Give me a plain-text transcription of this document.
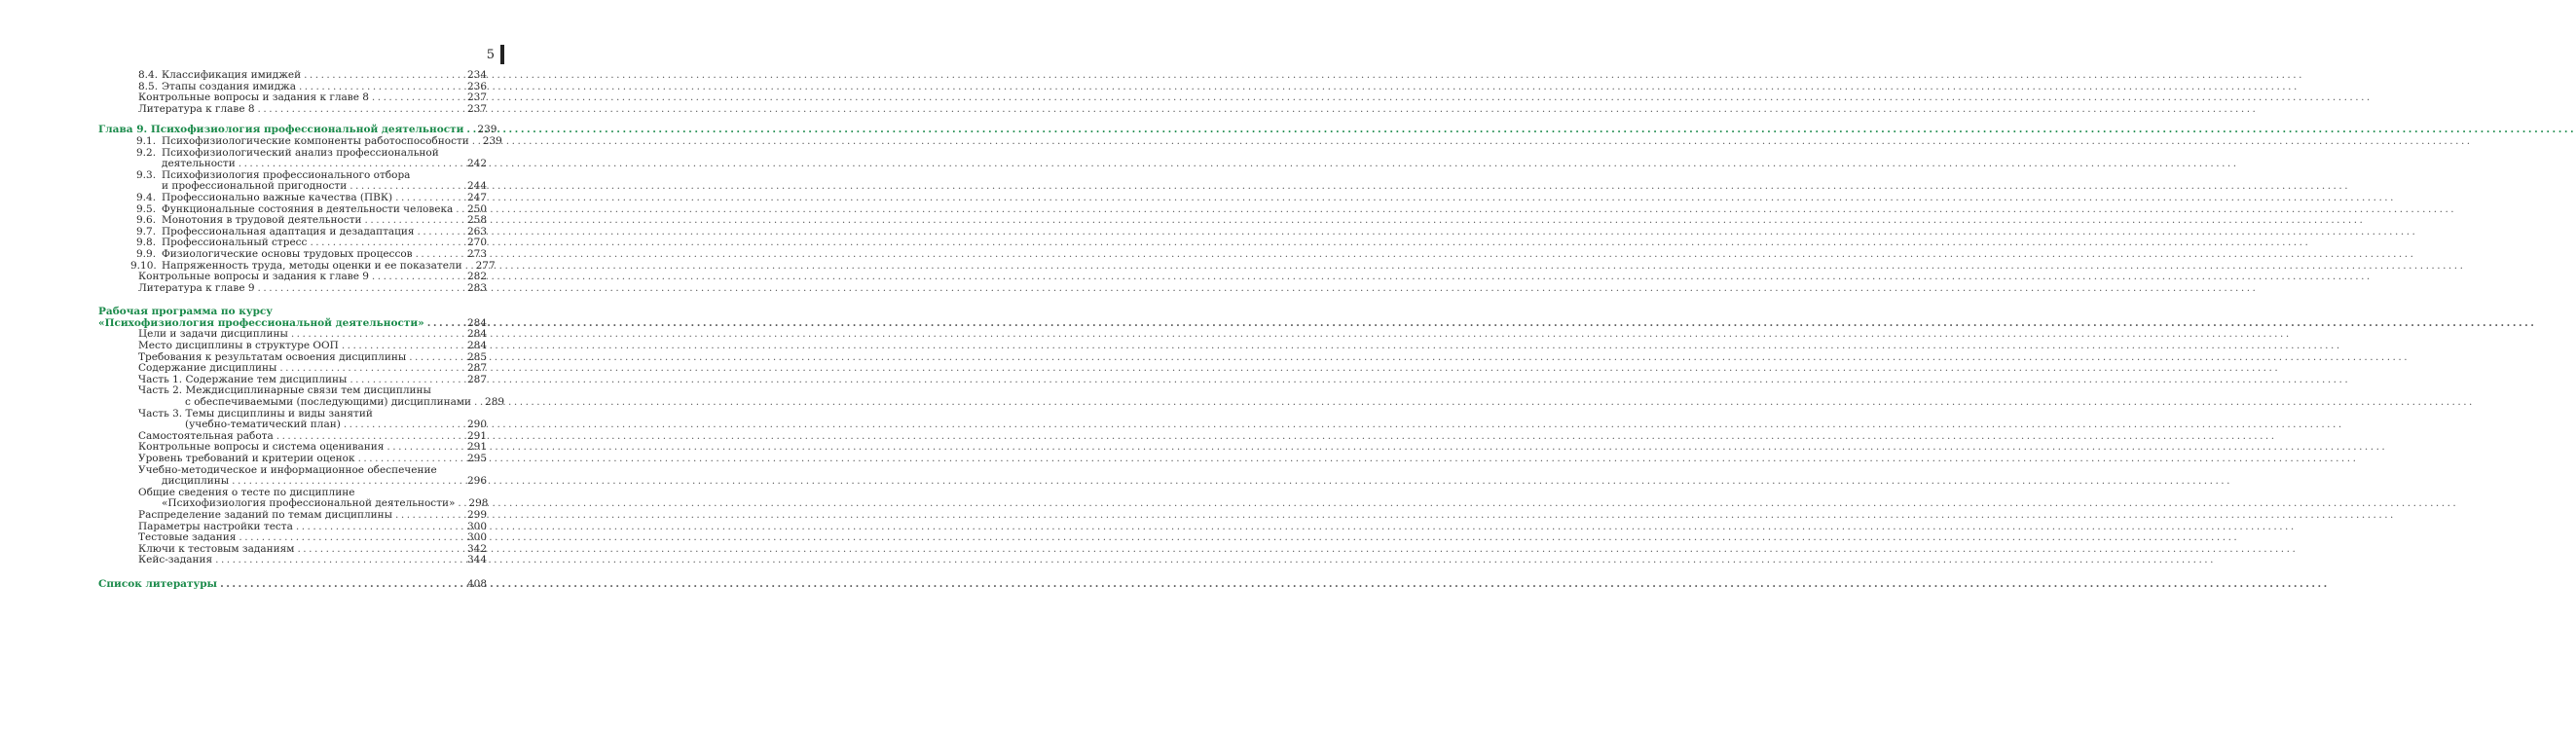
5
8.4. Классификация имиджей .....	234
8.5. Этапы создания имиджа .....	236
Контрольные вопросы и задания к главе 8 .....	237
Литература к главе 8 .....	237
Глава 9. Психофизиология профессиональной деятельности ..... 239
9.1. Психофизиологические компоненты работоспособности ..... 239
9.2. Психофизиологический анализ профессиональной
деятельности .....	242
9.3. Психофизиология профессионального отбора
и профессиональной пригодности .....	244
9.4. Профессионально важные качества (ПВК) .....	247
9.5. Функциональные состояния в деятельности человека ..... 250
9.6. Монотония в трудовой деятельности .....	258
9.7. Профессиональная адаптация и дезадаптация .....	263
9.8. Профессиональный стресс .....	270
9.9. Физиологические основы трудовых процессов .....	273
9.10. Напряженность труда, методы оценки и ее показатели ..... 277
Контрольные вопросы и задания к главе 9 .....	282
Литература к главе 9 .....	283
Рабочая программа по курсу
«Психофизиология профессиональной деятельности» .....	284
Цели и задачи дисциплины .....	284
Место дисциплины в структуре ООП .....	284
Требования к результатам освоения дисциплины .....	285
Содержание дисциплины .....	287
Часть 1. Содержание тем дисциплины .....	287
Часть 2. Междисциплинарные связи тем дисциплины
с обеспечиваемыми (последующими) дисциплинами ..... 289
Часть 3. Темы дисциплины и виды занятий
(учебно-тематический план) .....	290
Самостоятельная работа .....	291
Контрольные вопросы и система оценивания .....	291
Уровень требований и критерии оценок .....	295
Учебно-методическое и информационное обеспечение
дисциплины .....	296
Общие сведения о тесте по дисциплине
«Психофизиология профессиональной деятельности» ..... 298
Распределение заданий по темам дисциплины .....	299
Параметры настройки теста .....	300
Тестовые задания .....	300
Ключи к тестовым заданиям .....	342
Кейс-задания .....	344
Список литературы .....	408
